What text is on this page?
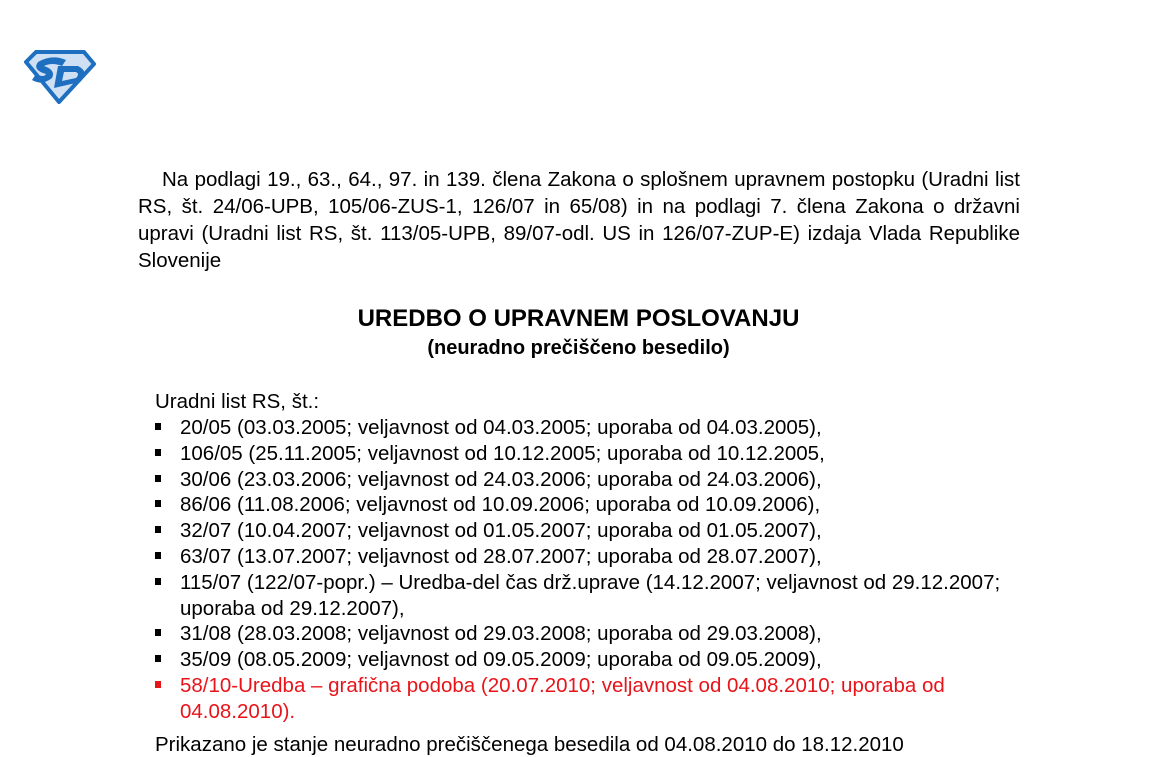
Na podlagi 19., 63., 64., 97. in 139. člena Zakona o splošnem upravnem postopku (Uradni list RS, št. 24/06-UPB, 105/06-ZUS-1, 126/07 in 65/08) in na podlagi 7. člena Zakona o državni upravi (Uradni list RS, št. 113/05-UPB, 89/07-odl. US in 126/07-ZUP-E) izdaja Vlada Republike Slovenije

UREDBO O UPRAVNEM POSLOVANJU
(neuradno prečiščeno besedilo)
Uradni list RS, št.:
20/05 (03.03.2005; veljavnost od 04.03.2005; uporaba od 04.03.2005),
106/05 (25.11.2005; veljavnost od 10.12.2005; uporaba od 10.12.2005,
30/06 (23.03.2006; veljavnost od 24.03.2006; uporaba od 24.03.2006),
86/06 (11.08.2006; veljavnost od 10.09.2006; uporaba od 10.09.2006),
32/07 (10.04.2007; veljavnost od 01.05.2007; uporaba od 01.05.2007),
63/07 (13.07.2007; veljavnost od 28.07.2007; uporaba od 28.07.2007),
115/07 (122/07-popr.) – Uredba-del čas drž.uprave (14.12.2007; veljavnost od 29.12.2007; uporaba od 29.12.2007),
31/08 (28.03.2008; veljavnost od 29.03.2008; uporaba od 29.03.2008),
35/09 (08.05.2009; veljavnost od 09.05.2009; uporaba od 09.05.2009),
58/10-Uredba – grafična podoba (20.07.2010; veljavnost od 04.08.2010; uporaba od 04.08.2010).
Prikazano je stanje neuradno prečiščenega besedila od 04.08.2010 do 18.12.2010
